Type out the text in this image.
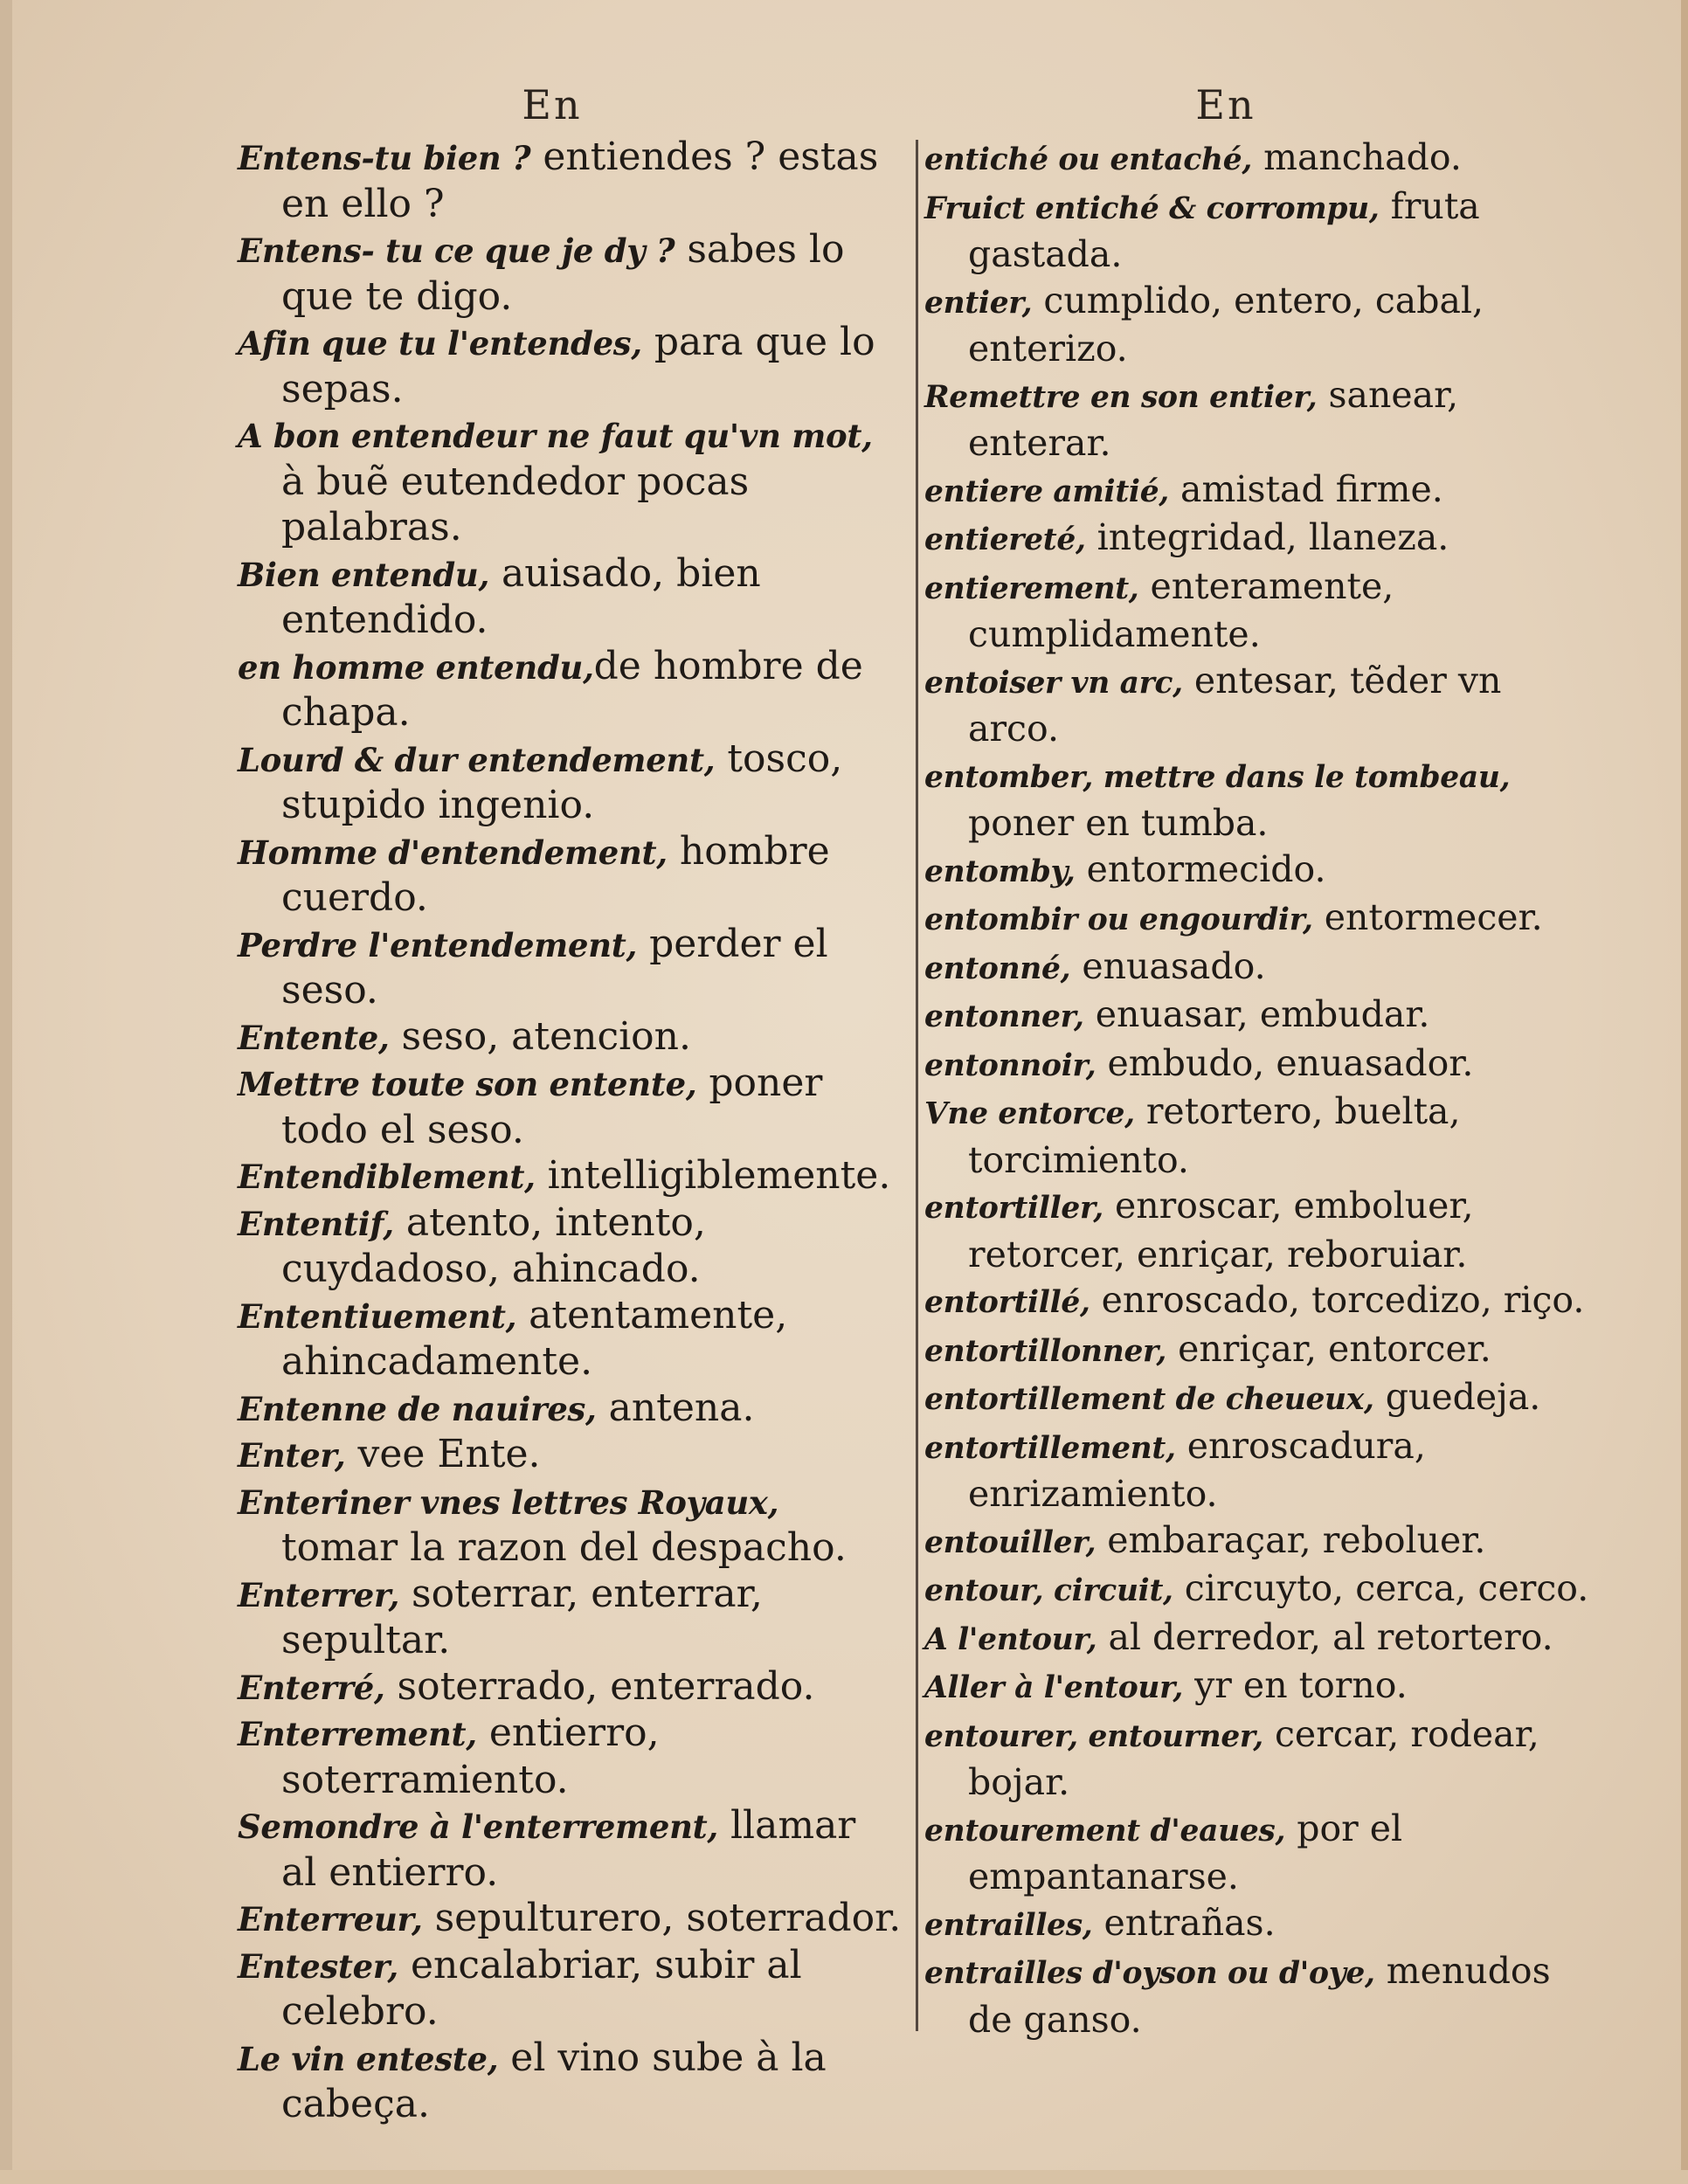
En

Entens-tu bien ? entiendes ? estas en ello ?

Entens- tu ce que je dy ? sabes lo que te digo.

Afin que tu l'entendes, para que lo sepas.

A bon entendeur ne faut qu'vn mot, à buẽ eutendedor pocas palabras.

Bien entendu, auisado, bien entendido.

en homme entendu,de hombre de chapa.

Lourd & dur entendement, tosco, stupido ingenio.

Homme d'entendement, hombre cuerdo.

Perdre l'entendement, perder el seso.

Entente, seso, atencion.

Mettre toute son entente, poner todo el seso.

Entendiblement, intelligiblemente.

Ententif, atento, intento, cuydadoso, ahincado.

Ententiuement, atentamente, ahincadamente.

Entenne de nauires, antena.

Enter, vee Ente.

Enteriner vnes lettres Royaux, tomar la razon del despacho.

Enterrer, soterrar, enterrar, sepultar.

Enterré, soterrado, enterrado.

Enterrement, entierro, soterramiento.

Semondre à l'enterrement, llamar al entierro.

Enterreur, sepulturero, soterrador.

Entester, encalabriar, subir al celebro.

Le vin enteste, el vino sube à la cabeça.

En

entiché ou entaché, manchado.

Fruict entiché & corrompu, fruta gastada.

entier, cumplido, entero, cabal, enterizo.

Remettre en son entier, sanear, enterar.

entiere amitié, amistad firme.

entiereté, integridad, llaneza.

entierement, enteramente, cumplidamente.

entoiser vn arc, entesar, tẽder vn arco.

entomber, mettre dans le tombeau, poner en tumba.

entomby, entormecido.

entombir ou engourdir, entormecer.

entonné, enuasado.

entonner, enuasar, embudar.

entonnoir, embudo, enuasador.

Vne entorce, retortero, buelta, torcimiento.

entortiller, enroscar, emboluer, retorcer, enriçar, reboruiar.

entortillé, enroscado, torcedizo, riço.

entortillonner, enriçar, entorcer.

entortillement de cheueux, guedeja.

entortillement, enroscadura, enrizamiento.

entouiller, embaraçar, reboluer.

entour, circuit, circuyto, cerca, cerco.

A l'entour, al derredor, al retortero.

Aller à l'entour, yr en torno.

entourer, entourner, cercar, rodear, bojar.

entourement d'eaues, por el empantanarse.

entrailles, entrañas.

entrailles d'oyson ou d'oye, menudos de ganso.
